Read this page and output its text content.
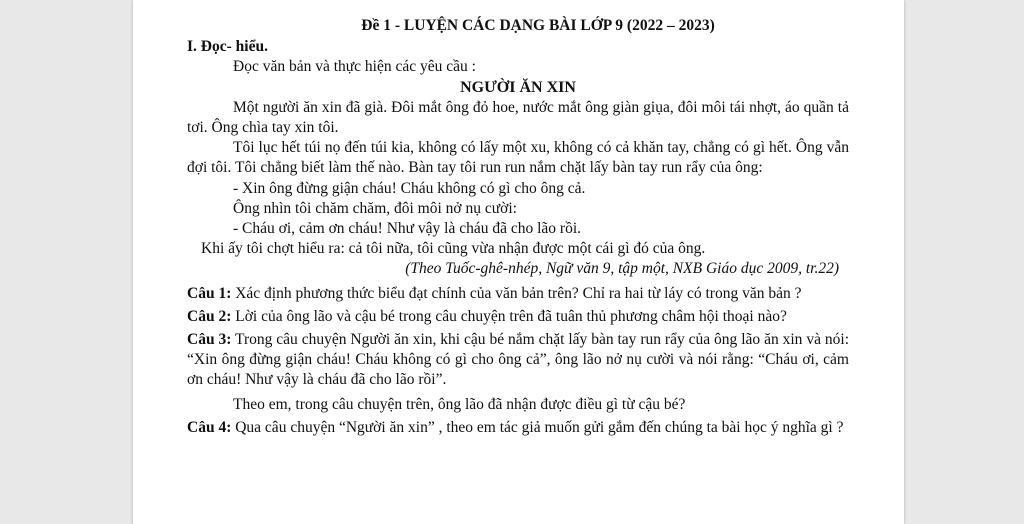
Đề 1 - LUYỆN CÁC DẠNG BÀI LỚP 9 (2022 – 2023)

I. Đọc- hiểu.

Đọc văn bản và thực hiện các yêu cầu :

NGƯỜI ĂN XIN

Một người ăn xin đã già. Đôi mắt ông đỏ hoe, nước mắt ông giàn giụa, đôi môi tái nhợt, áo quần tả tơi. Ông chìa tay xin tôi.

Tôi lục hết túi nọ đến túi kia, không có lấy một xu, không có cả khăn tay, chẳng có gì hết. Ông vẫn đợi tôi. Tôi chẳng biết làm thế nào. Bàn tay tôi run run nắm chặt lấy bàn tay run rẩy của ông:

- Xin ông đừng giận cháu! Cháu không có gì cho ông cả.

Ông nhìn tôi chăm chăm, đôi môi nở nụ cười:

- Cháu ơi, cảm ơn cháu! Như vậy là cháu đã cho lão rồi.

Khi ấy tôi chợt hiểu ra: cả tôi nữa, tôi cũng vừa nhận được một cái gì đó của ông.

(Theo Tuốc-ghê-nhép, Ngữ văn 9, tập một, NXB Giáo dục 2009, tr.22)

Câu 1: Xác định phương thức biểu đạt chính của văn bản trên? Chỉ ra hai từ láy có trong văn bản ?

Câu 2: Lời của ông lão và cậu bé trong câu chuyện trên đã tuân thủ phương châm hội thoại nào?

Câu 3: Trong câu chuyện Người ăn xin, khi cậu bé nắm chặt lấy bàn tay run rẩy của ông lão ăn xin và nói: “Xin ông đừng giận cháu! Cháu không có gì cho ông cả”, ông lão nở nụ cười và nói rằng: “Cháu ơi, cảm ơn cháu! Như vậy là cháu đã cho lão rồi”.

Theo em, trong câu chuyện trên, ông lão đã nhận được điều gì từ cậu bé?

Câu 4: Qua câu chuyện “Người ăn xin” , theo em tác giả muốn gửi gắm đến chúng ta bài học ý nghĩa gì ?
